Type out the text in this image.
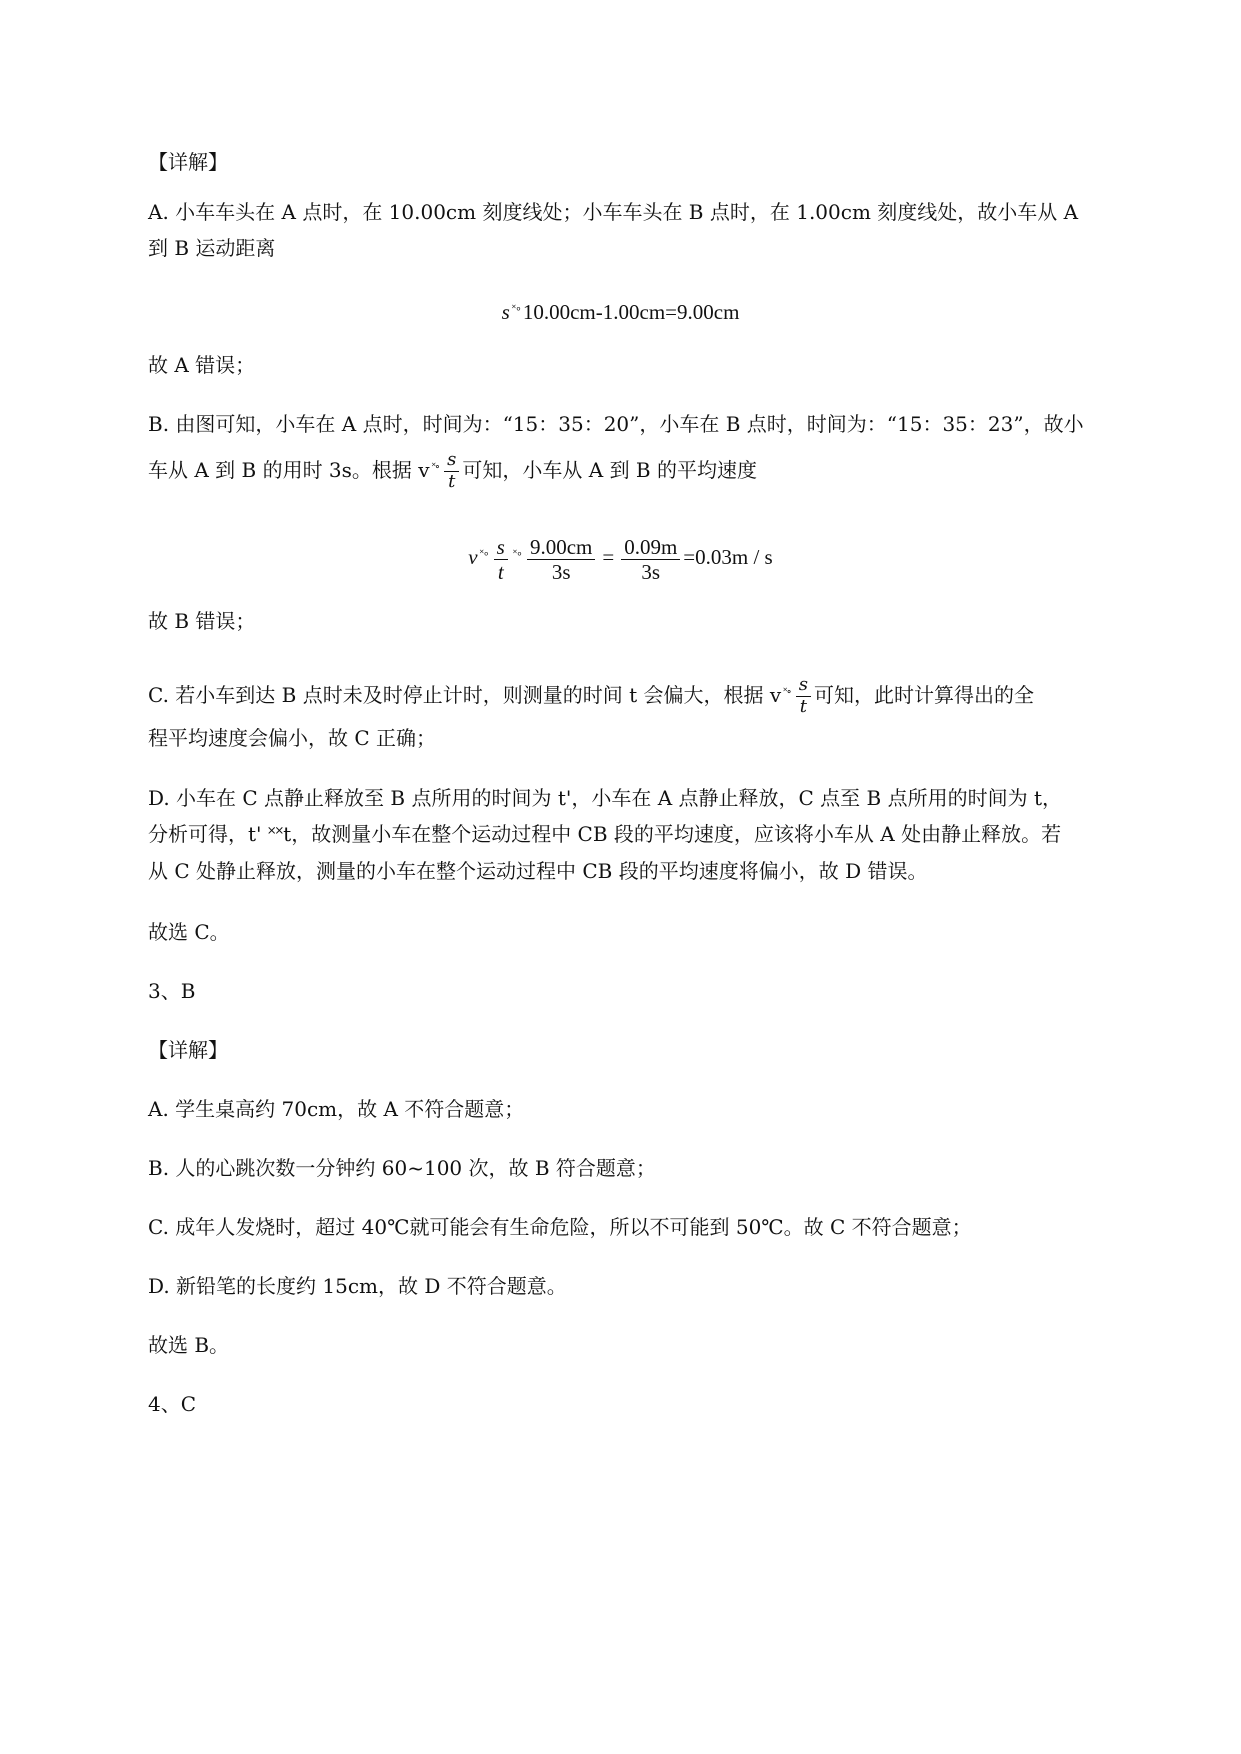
【详解】
A. 小车车头在 A 点时，在 10.00cm 刻度线处；小车车头在 B 点时，在 1.00cm 刻度线处，故小车从 A
到 B 运动距离
s ˟∘10.00cm-1.00cm=9.00cm
故 A 错误；
B. 由图可知，小车在 A 点时，时间为：“15：35：20”，小车在 B 点时，时间为：“15：35：23”，故小
车从 A 到 B 的用时 3s。根据 v $^{˟\circ} \frac{s}{t}$ 可知，小车从 A 到 B 的平均速度
v $^{˟\circ} \frac{s}{t} ^{˟\circ} \frac{9.00cm}{3s} = \frac{0.09m}{3s} =0.03m / s$
故 B 错误；
C. 若小车到达 B 点时未及时停止计时，则测量的时间 t 会偏大，根据 v $^{˟\circ} \frac{s}{t}$ 可知，此时计算得出的全
程平均速度会偏小，故 C 正确；
D. 小车在 C 点静止释放至 B 点所用的时间为 t'，小车在 A 点静止释放，C 点至 B 点所用的时间为 t，
分析可得，t' ˟˟t，故测量小车在整个运动过程中 CB 段的平均速度，应该将小车从 A 处由静止释放。若
从 C 处静止释放，测量的小车在整个运动过程中 CB 段的平均速度将偏小，故 D 错误。
故选 C。
3、B
【详解】
A. 学生桌高约 70cm，故 A 不符合题意；
B. 人的心跳次数一分钟约 60~100 次，故 B 符合题意；
C. 成年人发烧时，超过 40℃就可能会有生命危险，所以不可能到 50℃。故 C 不符合题意；
D. 新铅笔的长度约 15cm，故 D 不符合题意。
故选 B。
4、C
